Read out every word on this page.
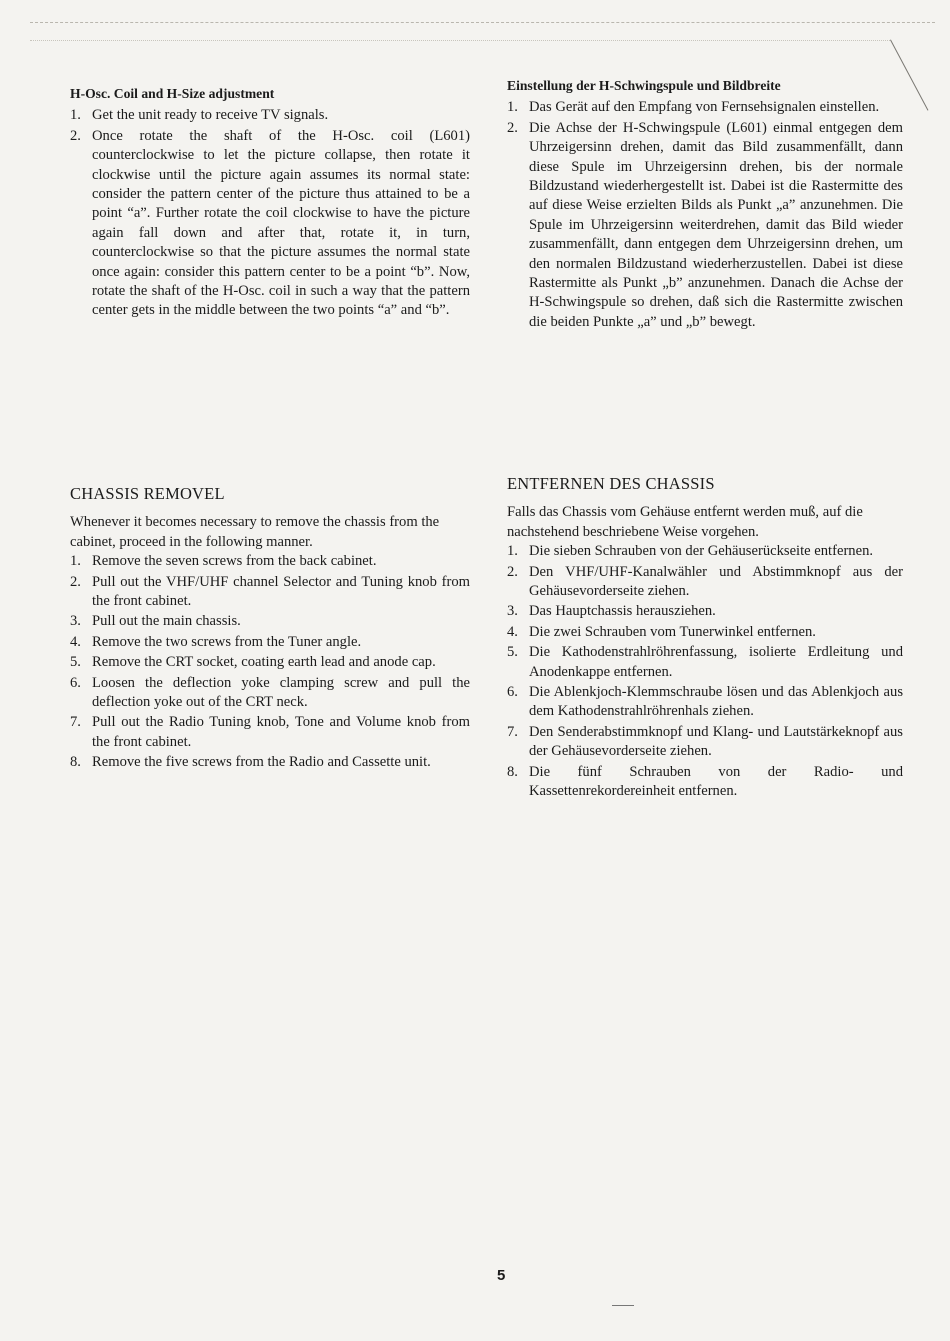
H-Osc. Coil and H-Size adjustment
1. Get the unit ready to receive TV signals.
2. Once rotate the shaft of the H-Osc. coil (L601) counterclockwise to let the picture collapse, then rotate it clockwise until the picture again assumes its normal state: consider the pattern center of the picture thus attained to be a point “a”. Further rotate the coil clockwise to have the picture again fall down and after that, rotate it, in turn, counterclockwise so that the picture assumes the normal state once again: consider this pattern center to be a point “b”. Now, rotate the shaft of the H-Osc. coil in such a way that the pattern center gets in the middle between the two points “a” and “b”.
Einstellung der H-Schwingspule und Bildbreite
1. Das Gerät auf den Empfang von Fernsehsignalen einstellen.
2. Die Achse der H-Schwingspule (L601) einmal entgegen dem Uhrzeigersinn drehen, damit das Bild zusammenfällt, dann diese Spule im Uhrzeigersinn drehen, bis der normale Bildzustand wiederhergestellt ist. Dabei ist die Rastermitte des auf diese Weise erzielten Bilds als Punkt „a” anzunehmen. Die Spule im Uhrzeigersinn weiterdrehen, damit das Bild wieder zusammenfällt, dann entgegen dem Uhrzeigersinn drehen, um den normalen Bildzustand wiederherzustellen. Dabei ist diese Rastermitte als Punkt „b” anzunehmen. Danach die Achse der H-Schwingspule so drehen, daß sich die Rastermitte zwischen die beiden Punkte „a” und „b” bewegt.
CHASSIS REMOVEL

Whenever it becomes necessary to remove the chassis from the cabinet, proceed in the following manner.

1. Remove the seven screws from the back cabinet.
2. Pull out the VHF/UHF channel Selector and Tuning knob from the front cabinet.
3. Pull out the main chassis.
4. Remove the two screws from the Tuner angle.
5. Remove the CRT socket, coating earth lead and anode cap.
6. Loosen the deflection yoke clamping screw and pull the deflection yoke out of the CRT neck.
7. Pull out the Radio Tuning knob, Tone and Volume knob from the front cabinet.
8. Remove the five screws from the Radio and Cassette unit.
ENTFERNEN DES CHASSIS

Falls das Chassis vom Gehäuse entfernt werden muß, auf die nachstehend beschriebene Weise vorgehen.

1. Die sieben Schrauben von der Gehäuserückseite entfernen.
2. Den VHF/UHF-Kanalwähler und Abstimmknopf aus der Gehäusevorderseite ziehen.
3. Das Hauptchassis herausziehen.
4. Die zwei Schrauben vom Tunerwinkel entfernen.
5. Die Kathodenstrahlröhrenfassung, isolierte Erdleitung und Anodenkappe entfernen.
6. Die Ablenkjoch-Klemmschraube lösen und das Ablenkjoch aus dem Kathodenstrahlröhrenhals ziehen.
7. Den Senderabstimmknopf und Klang- und Lautstärkeknopf aus der Gehäusevorderseite ziehen.
8. Die fünf Schrauben von der Radio- und Kassettenrekordereinheit entfernen.
5
